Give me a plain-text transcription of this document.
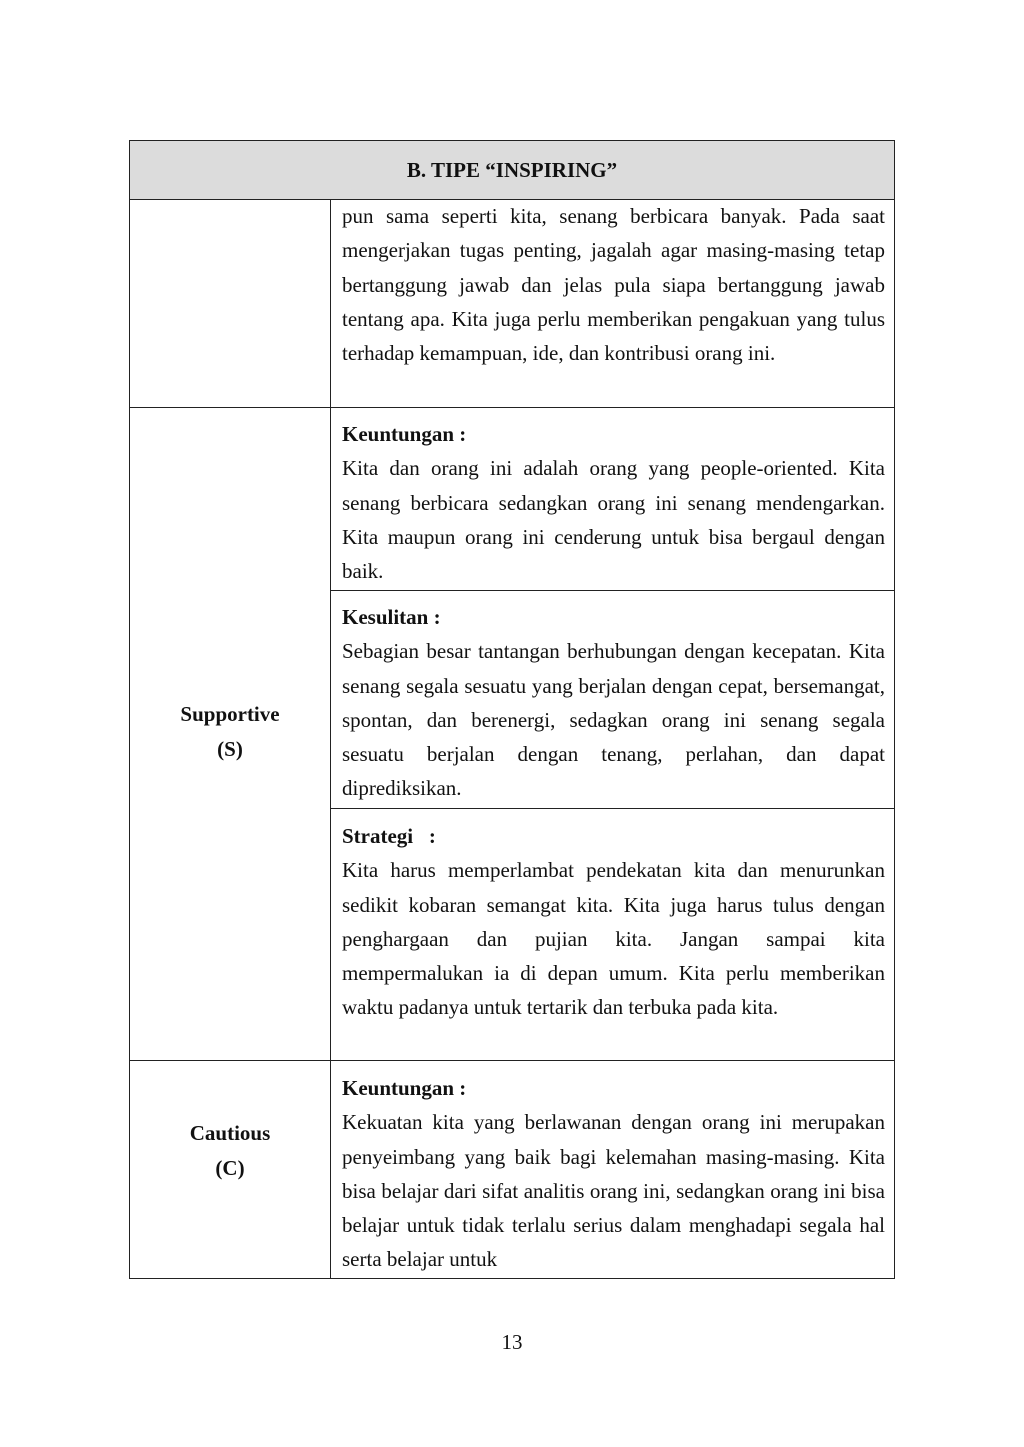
B. TIPE “INSPIRING”

pun sama seperti kita, senang berbicara banyak. Pada saat mengerjakan tugas penting, jagalah agar masing-masing tetap bertanggung jawab dan jelas pula siapa bertanggung jawab tentang apa. Kita juga perlu memberikan pengakuan yang tulus terhadap kemampuan, ide, dan kontribusi orang ini.

Supportive
(S)
Keuntungan :

Kita dan orang ini adalah orang yang people-oriented. Kita senang berbicara sedangkan orang ini senang mendengarkan. Kita maupun orang ini cenderung untuk bisa bergaul dengan baik.

Kesulitan :

Sebagian besar tantangan berhubungan dengan kecepatan. Kita senang segala sesuatu yang berjalan dengan cepat, bersemangat, spontan, dan berenergi, sedagkan orang ini senang segala sesuatu berjalan dengan tenang, perlahan, dan dapat diprediksikan.

Strategi   :

Kita harus memperlambat pendekatan kita dan menurunkan sedikit kobaran semangat kita. Kita juga harus tulus dengan penghargaan dan pujian kita. Jangan sampai kita mempermalukan ia di depan umum. Kita perlu memberikan waktu padanya untuk tertarik dan terbuka pada kita.

Cautious
(C)
Keuntungan :

Kekuatan kita yang berlawanan dengan orang ini merupakan penyeimbang yang baik bagi kelemahan masing-masing. Kita bisa belajar dari sifat analitis orang ini, sedangkan orang ini bisa belajar untuk tidak terlalu serius dalam menghadapi segala hal serta belajar untuk

13
